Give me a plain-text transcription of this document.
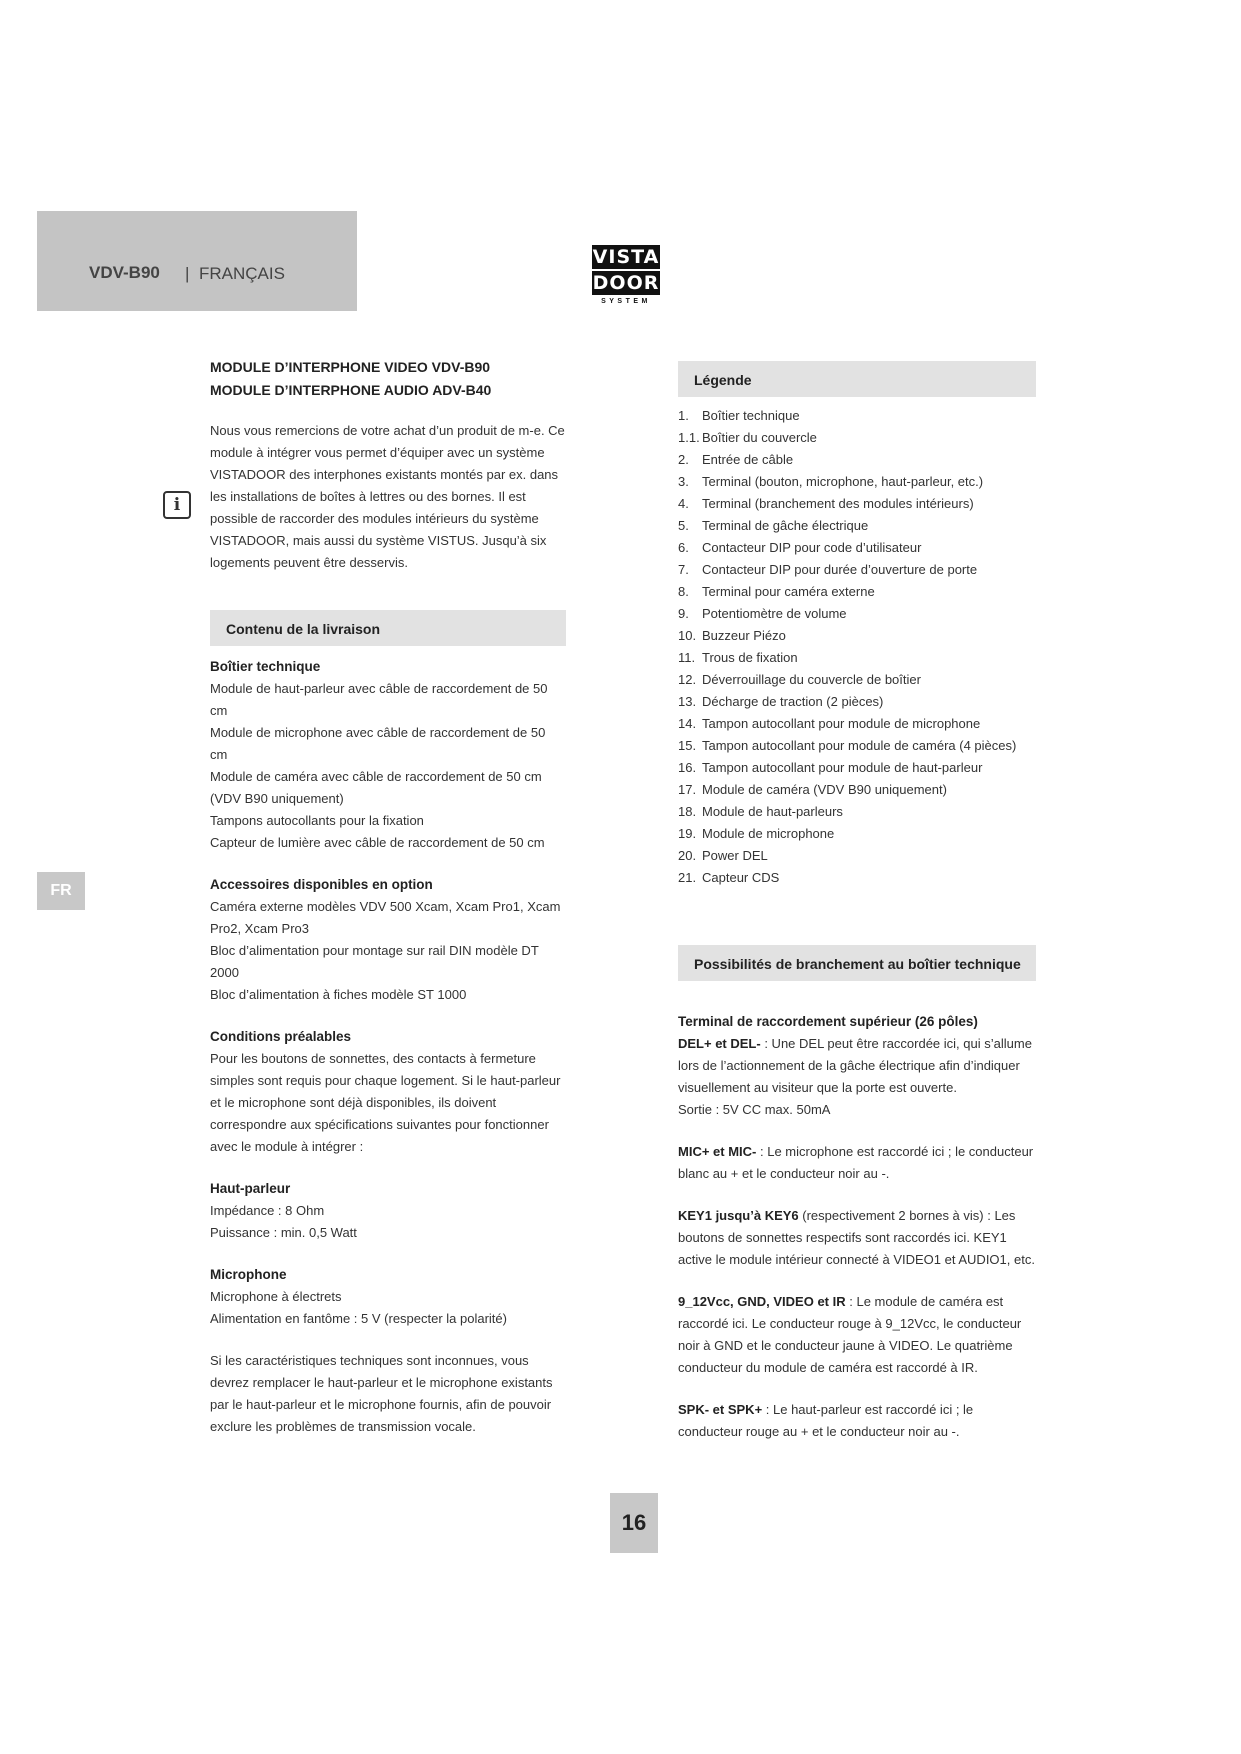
VDV-B90 | FRANÇAIS
VISTA
DOOR
SYSTEM
FR
i

MODULE D’INTERPHONE VIDEO VDV-B90

MODULE D’INTERPHONE AUDIO ADV-B40

Nous vous remercions de votre achat d’un produit de m-e. Ce module à intégrer vous permet d’équiper avec un système VISTADOOR des interphones existants montés par ex. dans les installations de boîtes à lettres ou des bornes. Il est possible de raccorder des modules intérieurs du système VISTADOOR, mais aussi du système VISTUS. Jusqu’à six logements peuvent être desservis.

Contenu de la livraison
Boîtier technique
Module de haut-parleur avec câble de raccordement de 50 cm
Module de microphone avec câble de raccordement de 50 cm
Module de caméra avec câble de raccordement de 50 cm (VDV B90 uniquement)
Tampons autocollants pour la fixation
Capteur de lumière avec câble de raccordement de 50 cm
Accessoires disponibles en option
Caméra externe modèles VDV 500 Xcam, Xcam Pro1, Xcam Pro2, Xcam Pro3
Bloc d’alimentation pour montage sur rail DIN modèle DT 2000
Bloc d’alimentation à fiches modèle ST 1000
Conditions préalables

Pour les boutons de sonnettes, des contacts à fermeture simples sont requis pour chaque logement. Si le haut-parleur et le microphone sont déjà disponibles, ils doivent correspondre aux spécifications suivantes pour fonctionner avec le module à intégrer :

Haut-parleur
Impédance : 8 Ohm
Puissance : min. 0,5 Watt
Microphone
Microphone à électrets
Alimentation en fantôme : 5 V (respecter la polarité)

Si les caractéristiques techniques sont inconnues, vous devrez remplacer le haut-parleur et le microphone existants par le haut-parleur et le microphone fournis, afin de pouvoir exclure les problèmes de transmission vocale.

Légende
1.	Boîtier technique
1.1. Boîtier du couvercle
2.	Entrée de câble
3.	Terminal (bouton, microphone, haut-parleur, etc.)
4.	Terminal (branchement des modules intérieurs)
5.	Terminal de gâche électrique
6.	Contacteur DIP pour code d’utilisateur
7.	Contacteur DIP pour durée d’ouverture de porte
8.	Terminal pour caméra externe
9.	Potentiomètre de volume
10. Buzzeur Piézo
11. Trous de fixation
12. Déverrouillage du couvercle de boîtier
13. Décharge de traction (2 pièces)
14. Tampon autocollant pour module de microphone
15. Tampon autocollant pour module de caméra (4 pièces)
16. Tampon autocollant pour module de haut-parleur
17. Module de caméra (VDV B90 uniquement)
18. Module de haut-parleurs
19. Module de microphone
20. Power DEL
21. Capteur CDS
Possibilités de branchement au boîtier technique
Terminal de raccordement supérieur (26 pôles)

DEL+ et DEL- : Une DEL peut être raccordée ici, qui s’allume lors de l’actionnement de la gâche électrique afin d’indiquer visuellement au visiteur que la porte est ouverte.

Sortie : 5V CC max. 50mA

MIC+ et MIC- : Le microphone est raccordé ici ; le conducteur blanc au + et le conducteur noir au -.

KEY1 jusqu’à KEY6 (respectivement 2 bornes à vis) : Les boutons de sonnettes respectifs sont raccordés ici. KEY1 active le module intérieur connecté à VIDEO1 et AUDIO1, etc.

9_12Vcc, GND, VIDEO et IR : Le module de caméra est raccordé ici. Le conducteur rouge à 9_12Vcc, le conducteur noir à GND et le conducteur jaune à VIDEO. Le quatrième conducteur du module de caméra est raccordé à IR.

SPK- et SPK+ : Le haut-parleur est raccordé ici ; le conducteur rouge au + et le conducteur noir au -.

16
